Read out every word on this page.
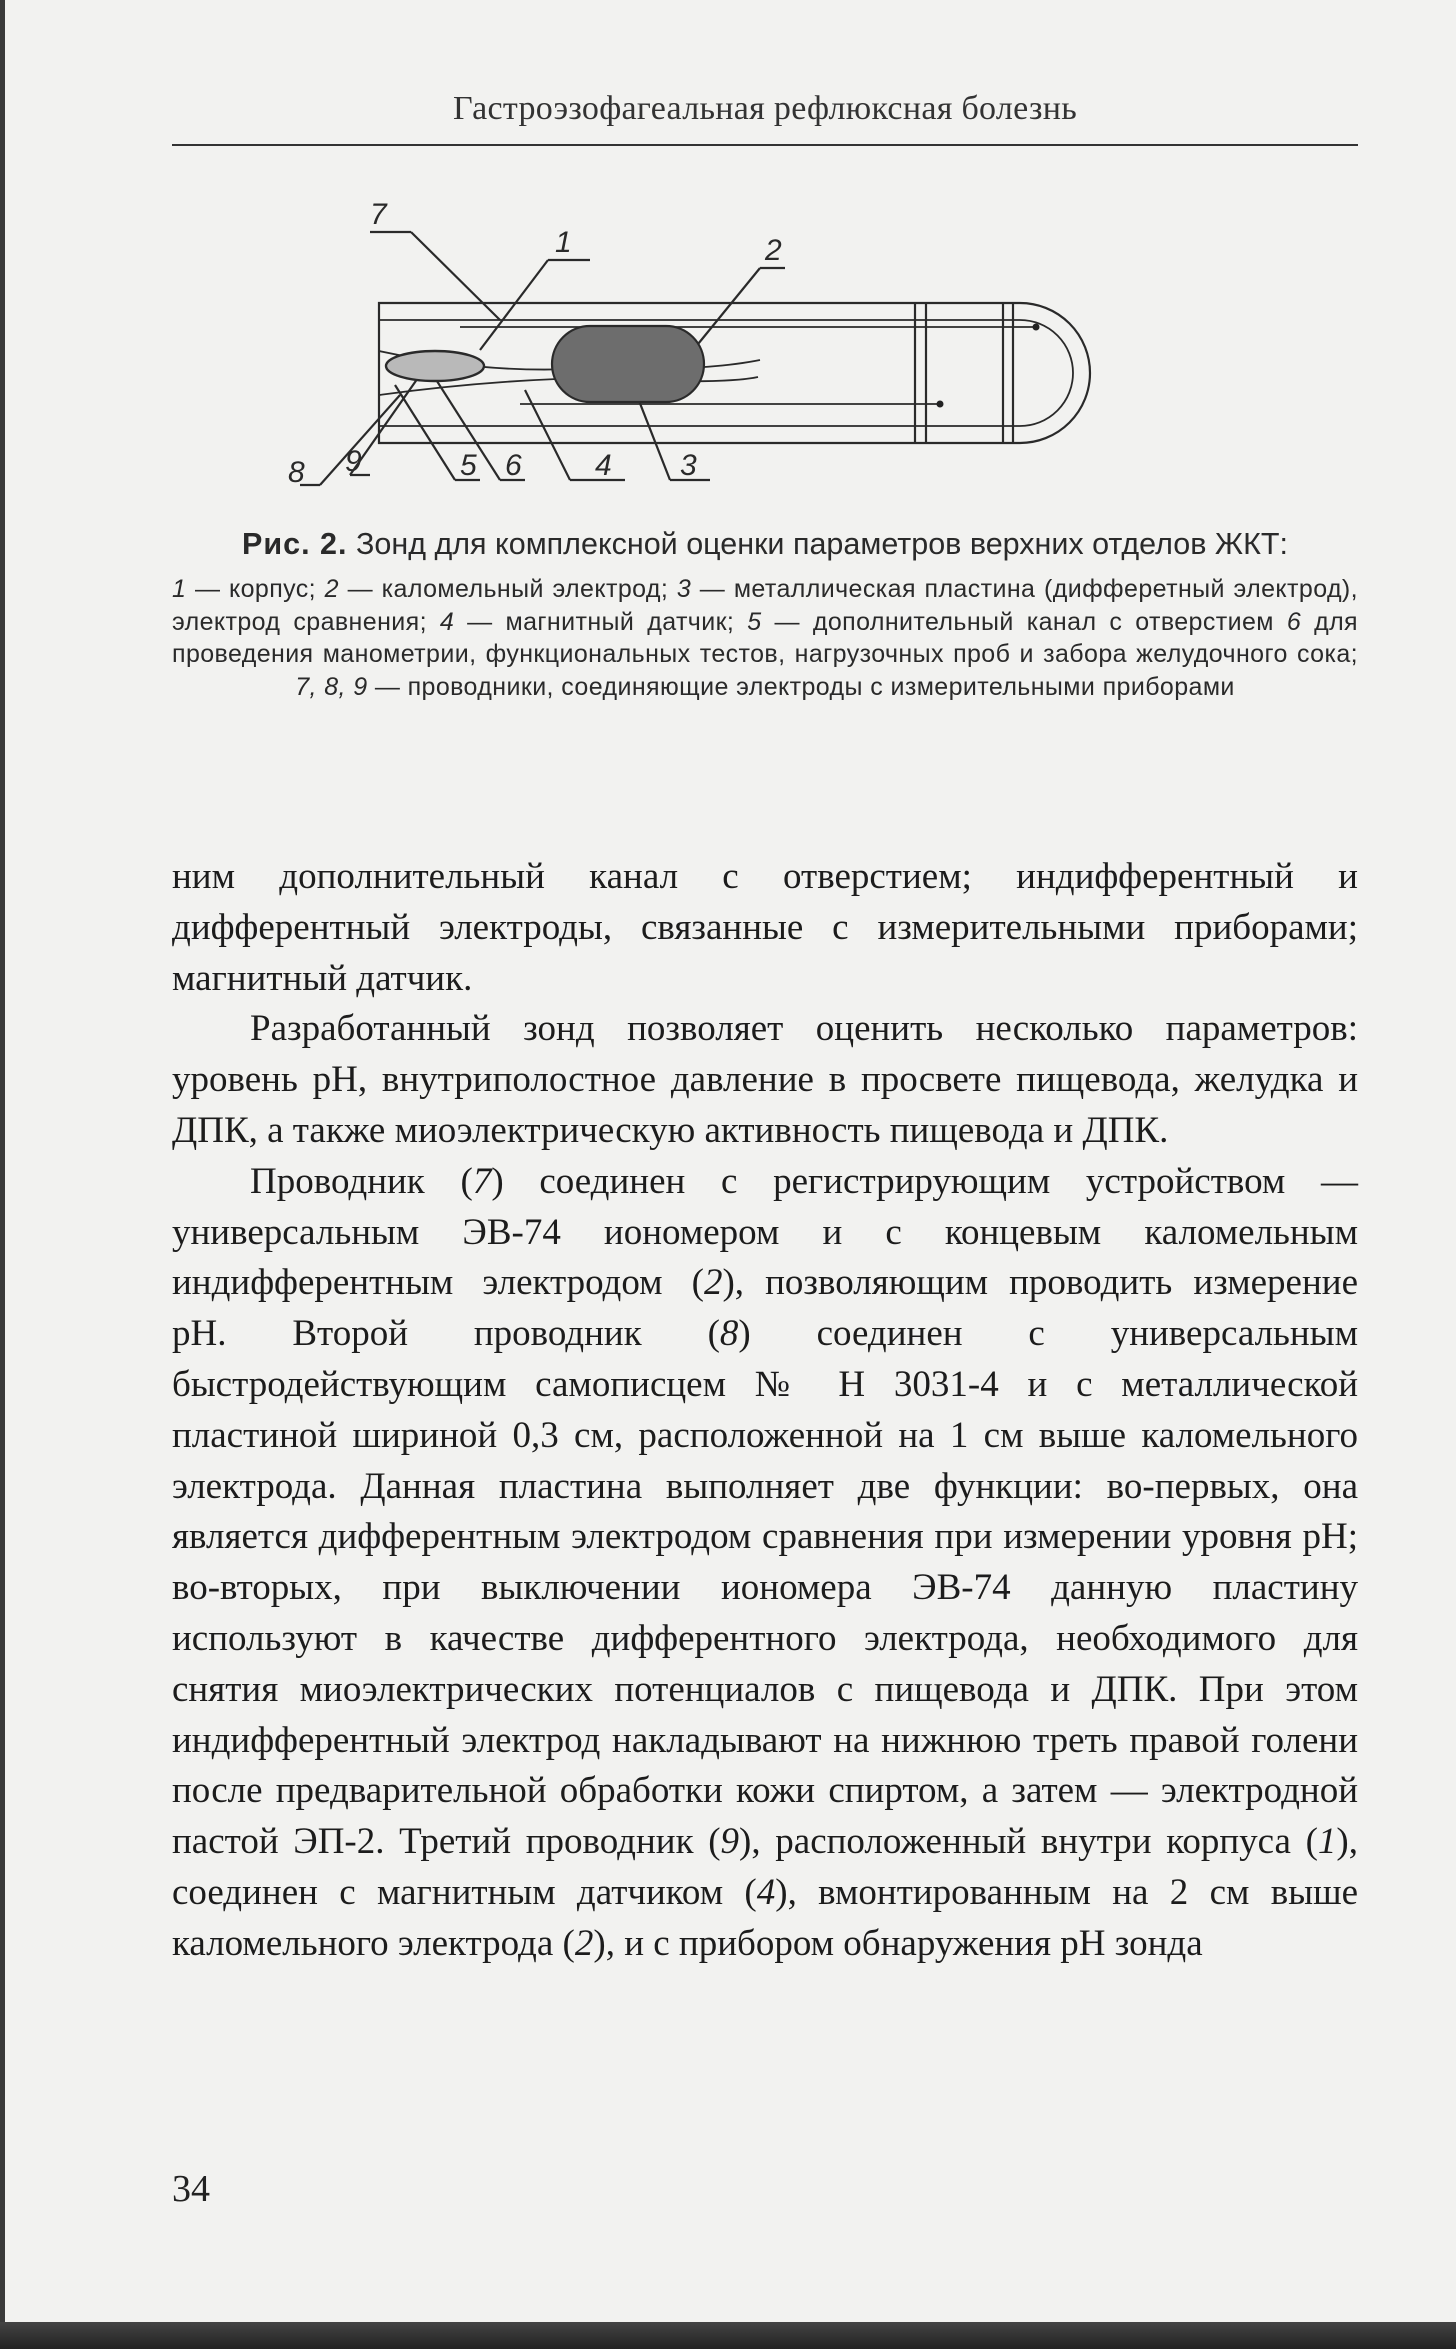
Гастроэзофагеальная рефлюксная болезнь
7
1	2
8 9	5 6 4 3
Рис. 2. Зонд для комплексной оценки параметров верхних отделов ЖКТ:
1 — корпус; 2 — каломельный электрод; 3 — металлическая пластина (дифферетный электрод), электрод сравнения; 4 — магнитный датчик; 5 — дополнительный канал с отверстием 6 для проведения манометрии, функциональных тестов, нагрузочных проб и забора желудочного сока; 7, 8, 9 — проводники, соединяющие электроды с измерительными приборами

ним дополнительный канал с отверстием; индифферентный и дифферентный электроды, связанные с измерительными приборами; магнитный датчик.

Разработанный зонд позволяет оценить несколько параметров: уровень рН, внутриполостное давление в просвете пищевода, желудка и ДПК, а также миоэлектрическую активность пищевода и ДПК.

Проводник (7) соединен с регистрирующим устройством — универсальным ЭВ-74 иономером и с концевым каломельным индифферентным электродом (2), позволяющим проводить измерение рН. Второй проводник (8) соединен с универсальным быстродействующим самописцем № Н 3031-4 и с металлической пластиной шириной 0,3 см, расположенной на 1 см выше каломельного электрода. Данная пластина выполняет две функции: во-первых, она является дифферентным электродом сравнения при измерении уровня рН; во-вторых, при выключении иономера ЭВ-74 данную пластину используют в качестве дифферентного электрода, необходимого для снятия миоэлектрических потенциалов с пищевода и ДПК. При этом индифферентный электрод накладывают на нижнюю треть правой голени после предварительной обработки кожи спиртом, а затем — электродной пастой ЭП-2. Третий проводник (9), расположенный внутри корпуса (1), соединен с магнитным датчиком (4), вмонтированным на 2 см выше каломельного электрода (2), и с прибором обнаружения рН зонда

34
